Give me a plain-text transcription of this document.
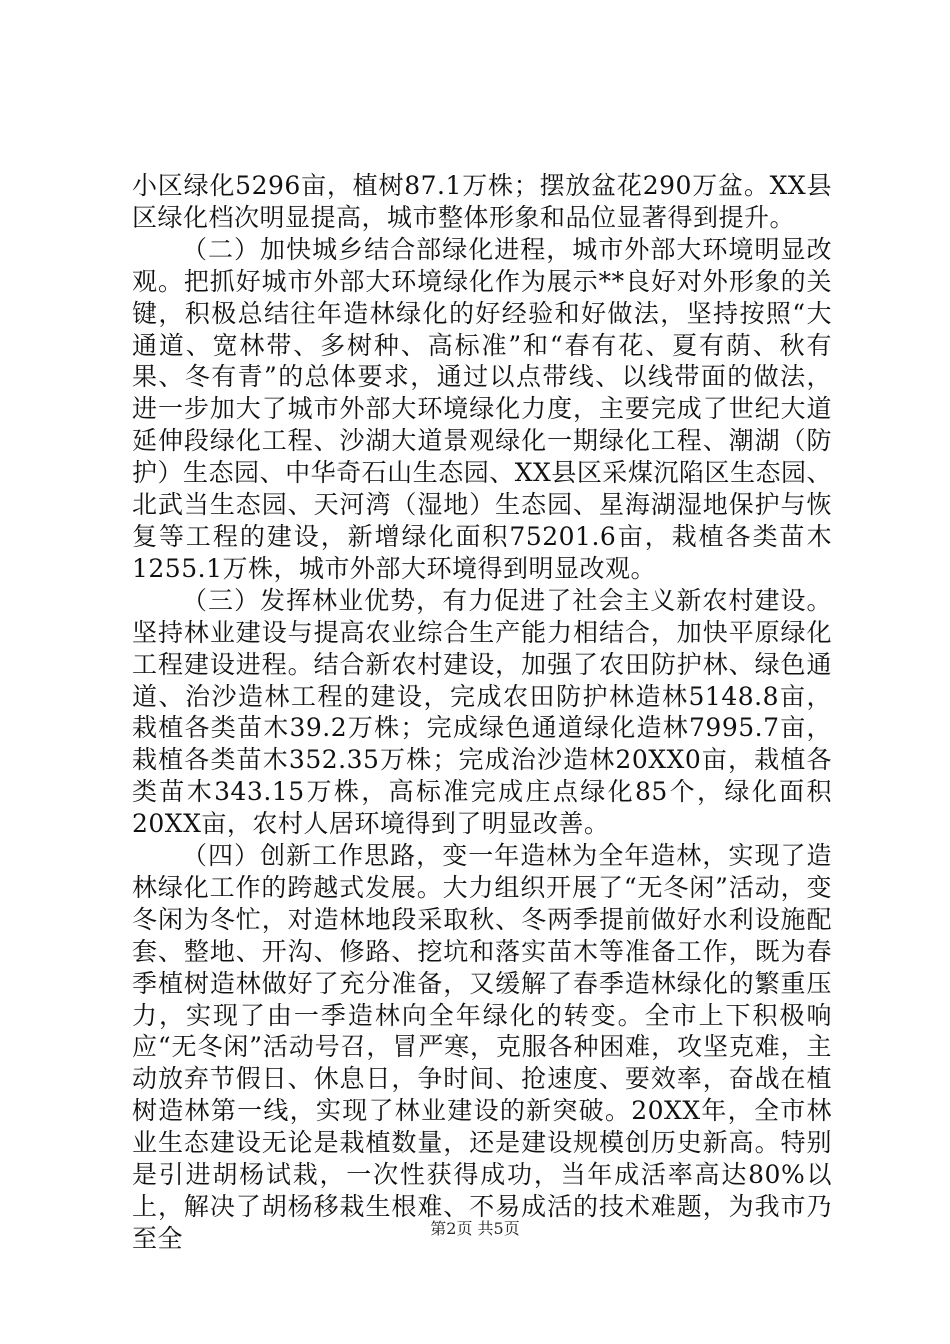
小区绿化5296亩，植树87.1万株；摆放盆花290万盆。XX县区绿化档次明显提高，城市整体形象和品位显著得到提升。

（二）加快城乡结合部绿化进程，城市外部大环境明显改观。把抓好城市外部大环境绿化作为展示**良好对外形象的关键，积极总结往年造林绿化的好经验和好做法，坚持按照“大通道、宽林带、多树种、高标准”和“春有花、夏有荫、秋有果、冬有青”的总体要求，通过以点带线、以线带面的做法，进一步加大了城市外部大环境绿化力度，主要完成了世纪大道延伸段绿化工程、沙湖大道景观绿化一期绿化工程、潮湖（防护）生态园、中华奇石山生态园、XX县区采煤沉陷区生态园、北武当生态园、天河湾（湿地）生态园、星海湖湿地保护与恢复等工程的建设，新增绿化面积75201.6亩，栽植各类苗木1255.1万株，城市外部大环境得到明显改观。

（三）发挥林业优势，有力促进了社会主义新农村建设。坚持林业建设与提高农业综合生产能力相结合，加快平原绿化工程建设进程。结合新农村建设，加强了农田防护林、绿色通道、治沙造林工程的建设，完成农田防护林造林5148.8亩，栽植各类苗木39.2万株；完成绿色通道绿化造林7995.7亩，栽植各类苗木352.35万株；完成治沙造林20XX0亩，栽植各类苗木343.15万株，高标准完成庄点绿化85个，绿化面积20XX亩，农村人居环境得到了明显改善。

（四）创新工作思路，变一年造林为全年造林，实现了造林绿化工作的跨越式发展。大力组织开展了“无冬闲”活动，变冬闲为冬忙，对造林地段采取秋、冬两季提前做好水利设施配套、整地、开沟、修路、挖坑和落实苗木等准备工作，既为春季植树造林做好了充分准备，又缓解了春季造林绿化的繁重压力，实现了由一季造林向全年绿化的转变。全市上下积极响应“无冬闲”活动号召，冒严寒，克服各种困难，攻坚克难，主动放弃节假日、休息日，争时间、抢速度、要效率，奋战在植树造林第一线，实现了林业建设的新突破。20XX年，全市林业生态建设无论是栽植数量，还是建设规模创历史新高。特别是引进胡杨试栽，一次性获得成功，当年成活率高达80%以上，解决了胡杨移栽生根难、不易成活的技术难题，为我市乃至全	第2页 共5页
